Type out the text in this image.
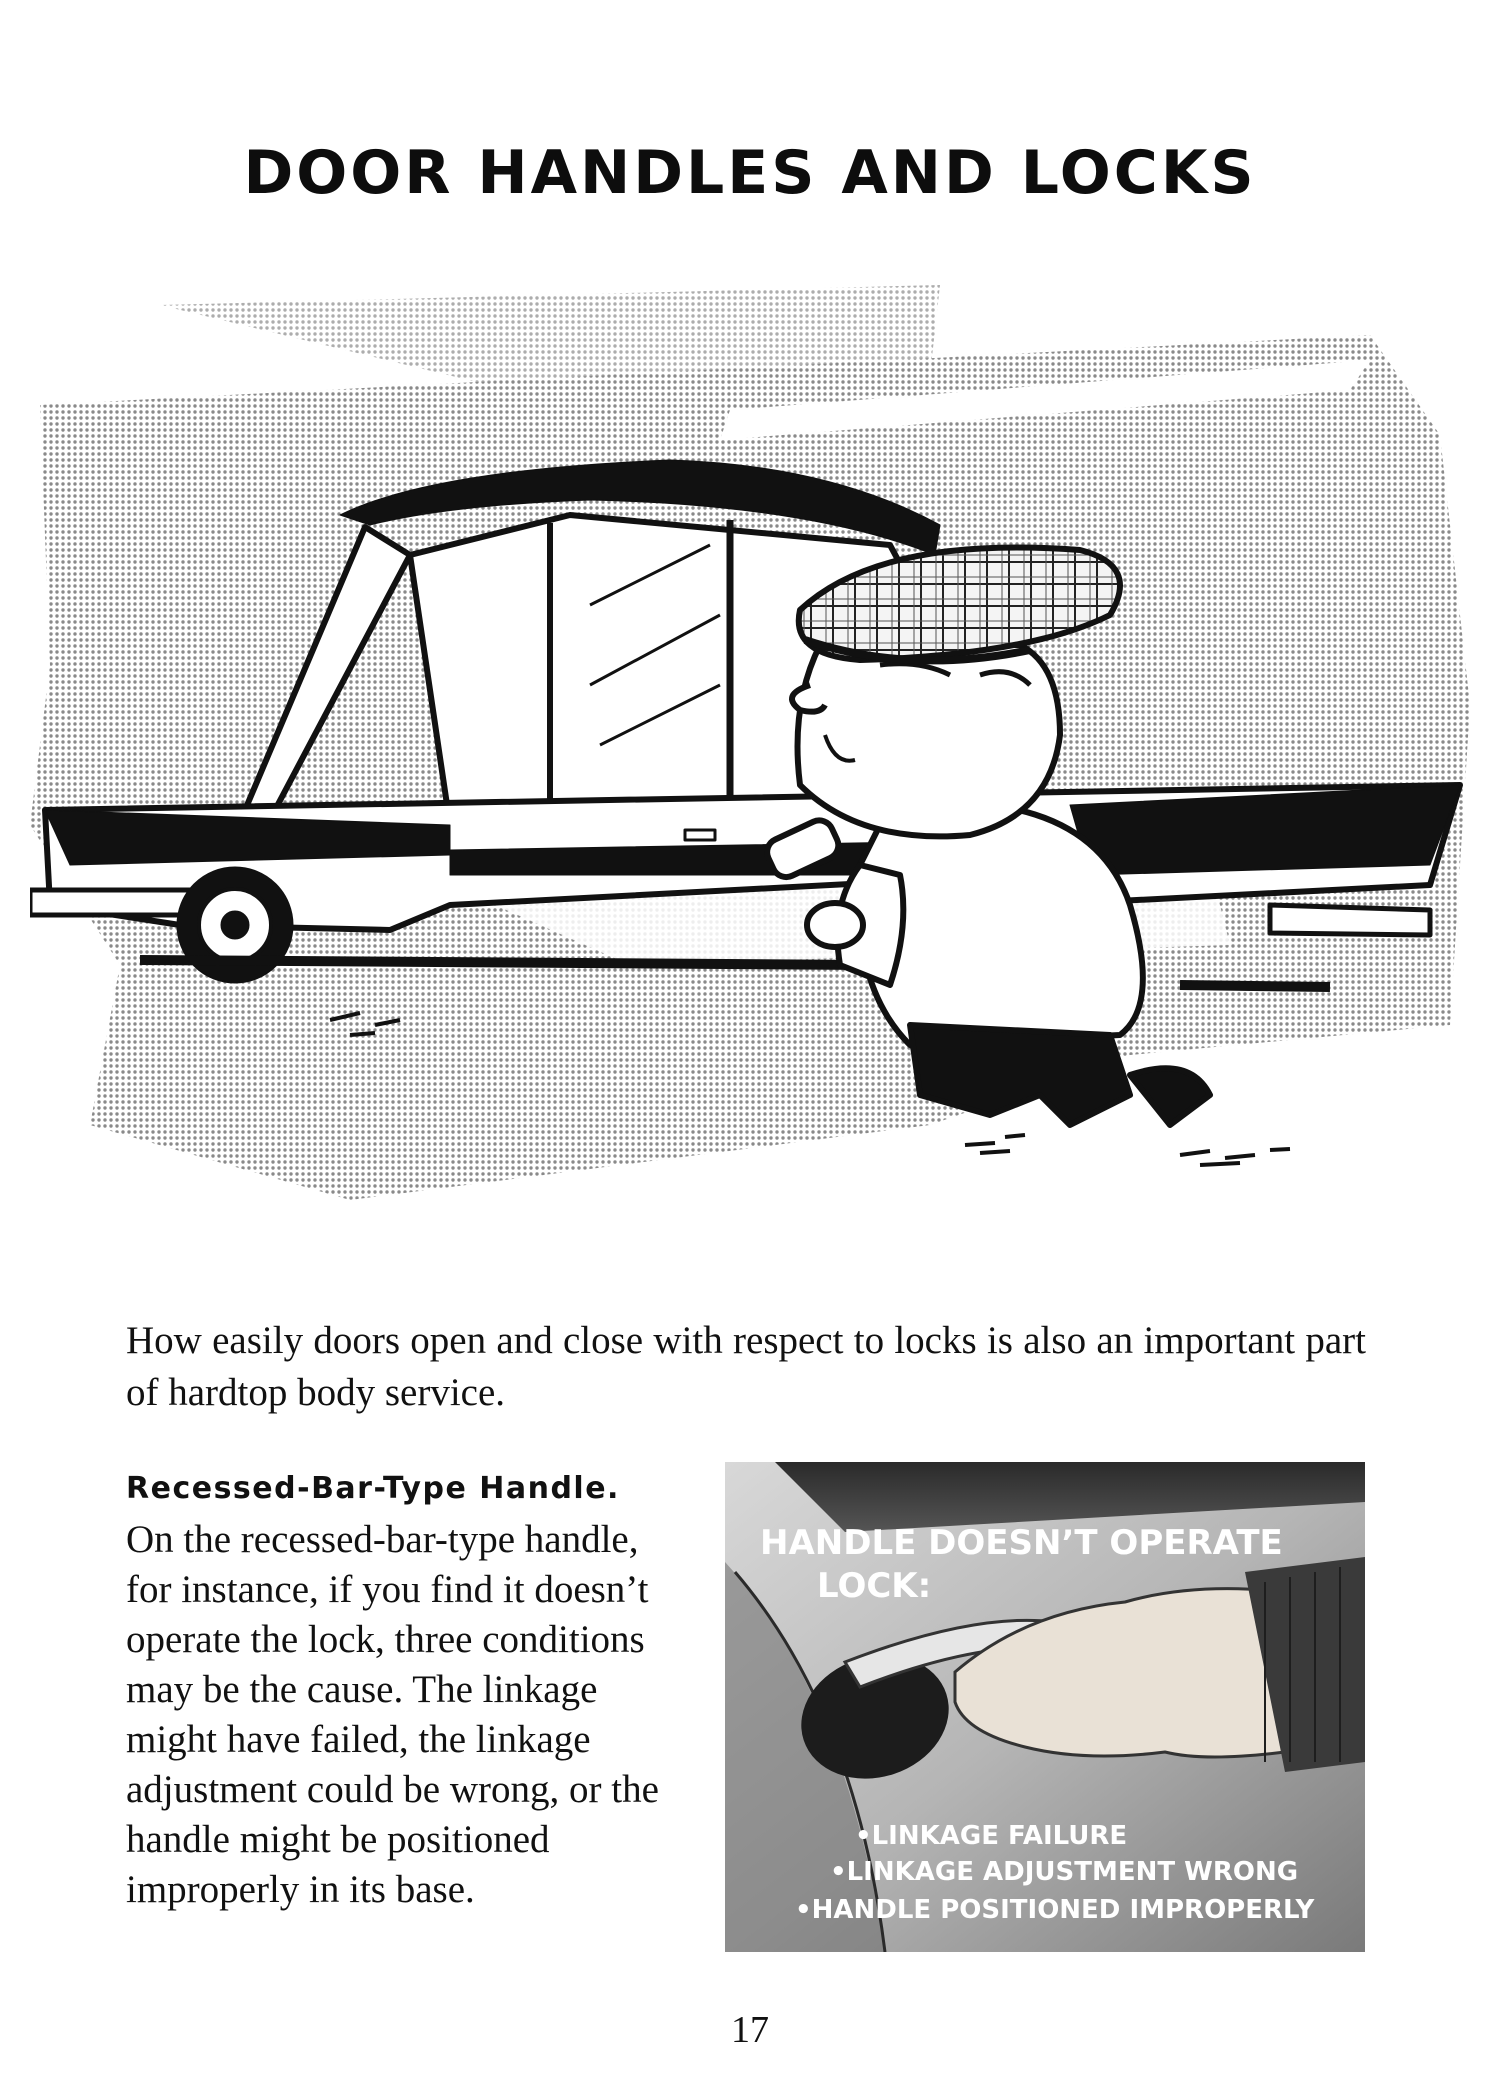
DOOR HANDLES AND LOCKS

How easily doors open and close with respect to locks is also an important part of hardtop body service.

Recessed-Bar-Type Handle.
On the recessed-bar-type handle, for instance, if you find it doesn’t operate the lock, three conditions may be the cause. The linkage might have failed, the linkage adjustment could be wrong, or the handle might be positioned improperly in its base.
HANDLE DOESN’T OPERATE
LOCK:
•LINKAGE FAILURE
•LINKAGE ADJUSTMENT WRONG
•HANDLE POSITIONED IMPROPERLY
17
